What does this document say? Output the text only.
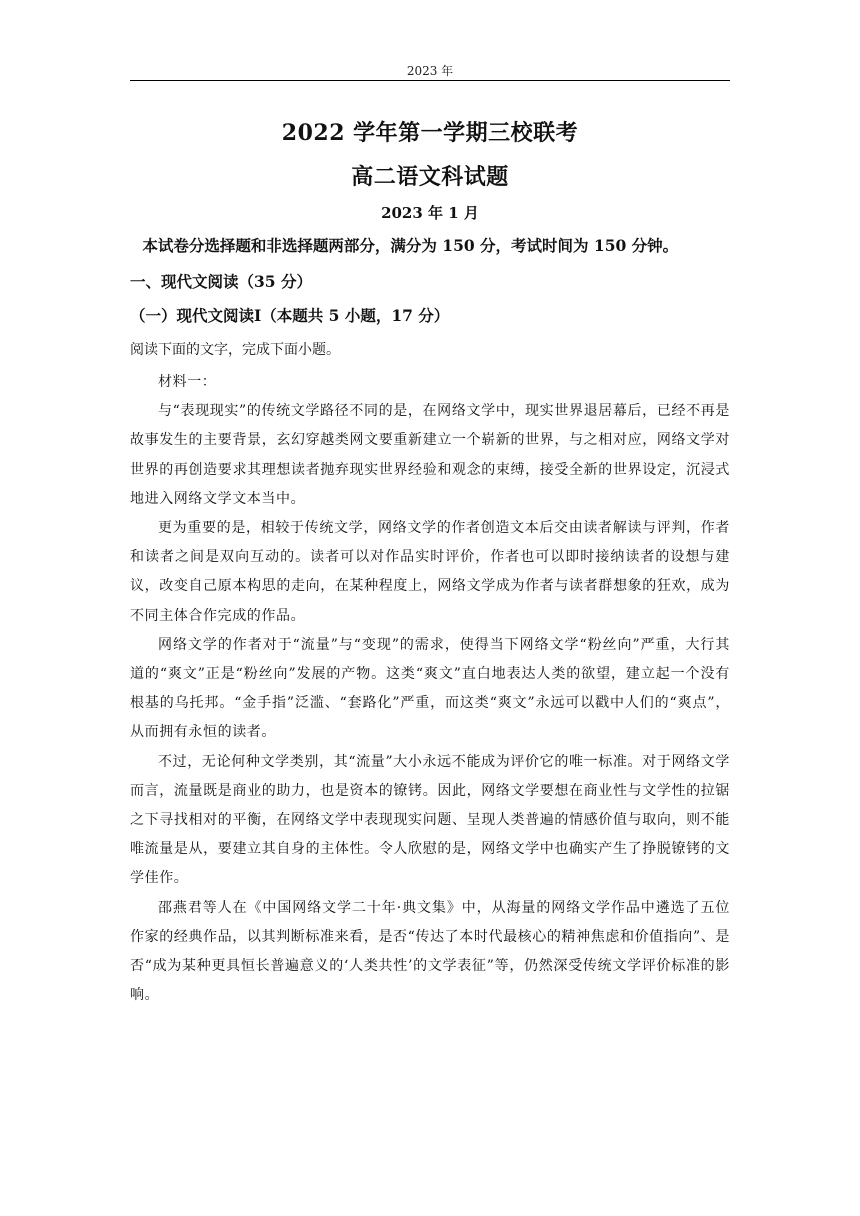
2023 年
2022 学年第一学期三校联考
高二语文科试题
2023 年 1 月
本试卷分选择题和非选择题两部分，满分为 150 分，考试时间为 150 分钟。
一、现代文阅读（35 分）
（一）现代文阅读Ⅰ（本题共 5 小题，17 分）
阅读下面的文字，完成下面小题。

材料一：

与“表现现实”的传统文学路径不同的是，在网络文学中，现实世界退居幕后，已经不再是故事发生的主要背景，玄幻穿越类网文要重新建立一个崭新的世界，与之相对应，网络文学对世界的再创造要求其理想读者抛弃现实世界经验和观念的束缚，接受全新的世界设定，沉浸式地进入网络文学文本当中。

更为重要的是，相较于传统文学，网络文学的作者创造文本后交由读者解读与评判，作者和读者之间是双向互动的。读者可以对作品实时评价，作者也可以即时接纳读者的设想与建议，改变自己原本构思的走向，在某种程度上，网络文学成为作者与读者群想象的狂欢，成为不同主体合作完成的作品。

网络文学的作者对于“流量”与“变现”的需求，使得当下网络文学“粉丝向”严重，大行其道的“爽文”正是“粉丝向”发展的产物。这类“爽文”直白地表达人类的欲望，建立起一个没有根基的乌托邦。“金手指”泛滥、“套路化”严重，而这类“爽文”永远可以戳中人们的“爽点”，从而拥有永恒的读者。

不过，无论何种文学类别，其“流量”大小永远不能成为评价它的唯一标准。对于网络文学而言，流量既是商业的助力，也是资本的镣铐。因此，网络文学要想在商业性与文学性的拉锯之下寻找相对的平衡，在网络文学中表现现实问题、呈现人类普遍的情感价值与取向，则不能唯流量是从，要建立其自身的主体性。令人欣慰的是，网络文学中也确实产生了挣脱镣铐的文学佳作。

邵燕君等人在《中国网络文学二十年·典文集》中，从海量的网络文学作品中遴选了五位作家的经典作品，以其判断标准来看，是否“传达了本时代最核心的精神焦虑和价值指向”、是否“成为某种更具恒长普遍意义的‘人类共性’的文学表征”等，仍然深受传统文学评价标准的影响。
